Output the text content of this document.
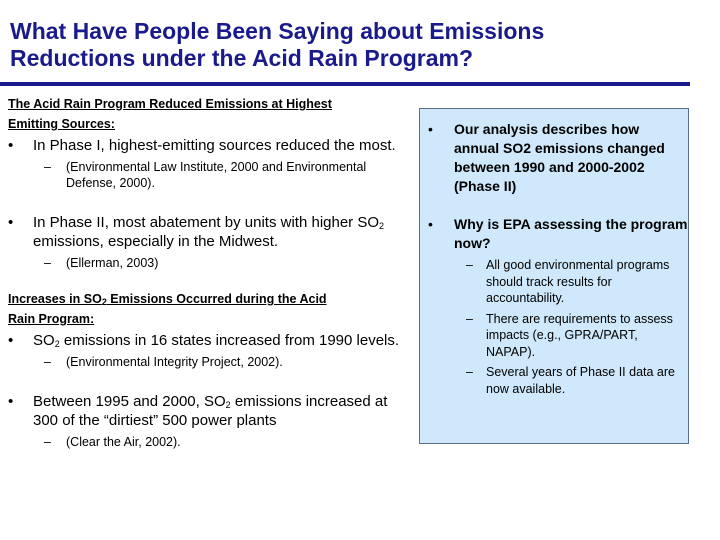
What Have People Been Saying about Emissions
Reductions under the Acid Rain Program?
The Acid Rain Program Reduced Emissions at Highest
Emitting Sources:
• In Phase I, highest-emitting sources reduced the most.
– (Environmental Law Institute, 2000 and Environmental Defense, 2000).
• In Phase II, most abatement by units with higher $SO_2$ emissions, especially in the Midwest.
– (Ellerman, 2003)
Increases in $SO_2$ Emissions Occurred during the Acid
Rain Program:
• $SO_2$ emissions in 16 states increased from 1990 levels.
– (Environmental Integrity Project, 2002).
• Between 1995 and 2000, $SO_2$ emissions increased at 300 of the “dirtiest” 500 power plants
– (Clear the Air, 2002).
• Our analysis describes how annual SO2 emissions changed between 1990 and 2000-2002 (Phase II)
• Why is EPA assessing the program now?
– All good environmental programs should track results for accountability.
– There are requirements to assess impacts (e.g., GPRA/PART, NAPAP).
– Several years of Phase II data are now available.
